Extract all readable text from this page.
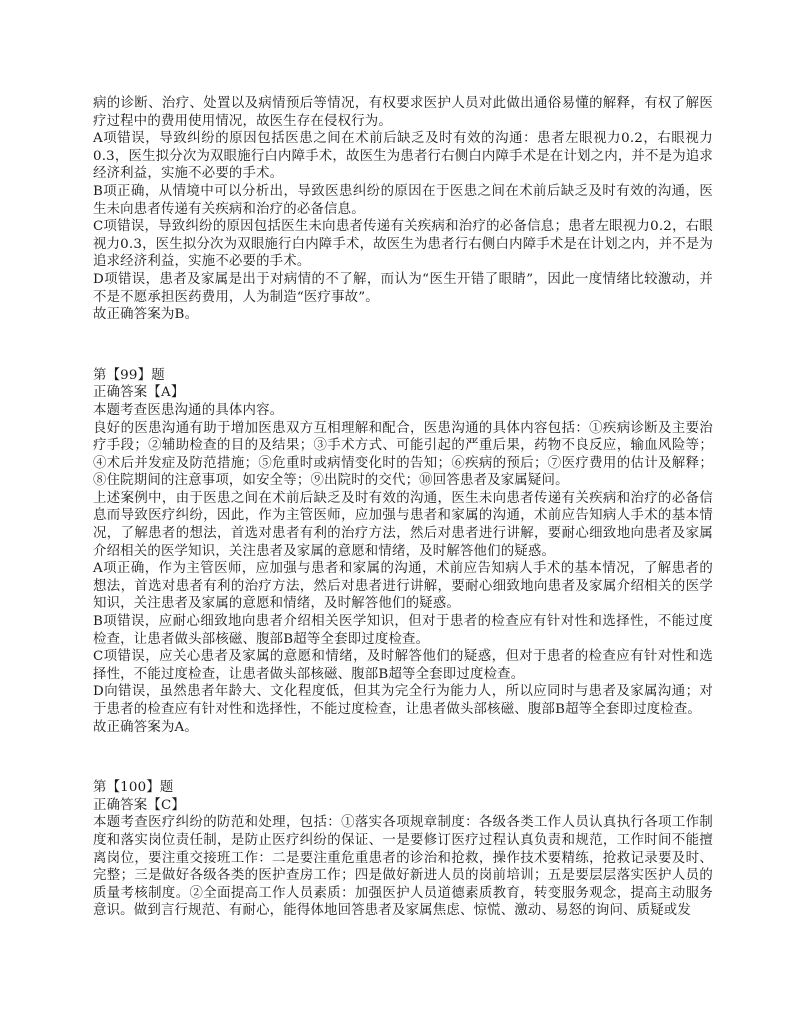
病的诊断、治疗、处置以及病情预后等情况，有权要求医护人员对此做出通俗易懂的解释，有权了解医疗过程中的费用使用情况，故医生存在侵权行为。

A项错误，导致纠纷的原因包括医患之间在术前后缺乏及时有效的沟通：患者左眼视力0.2，右眼视力0.3，医生拟分次为双眼施行白内障手术，故医生为患者行右侧白内障手术是在计划之内，并不是为追求经济利益，实施不必要的手术。

B项正确，从情境中可以分析出，导致医患纠纷的原因在于医患之间在术前后缺乏及时有效的沟通，医生未向患者传递有关疾病和治疗的必备信息。

C项错误，导致纠纷的原因包括医生未向患者传递有关疾病和治疗的必备信息；患者左眼视力0.2，右眼视力0.3，医生拟分次为双眼施行白内障手术，故医生为患者行右侧白内障手术是在计划之内，并不是为追求经济利益，实施不必要的手术。

D项错误，患者及家属是出于对病情的不了解，而认为“医生开错了眼睛”，因此一度情绪比较激动，并不是不愿承担医药费用，人为制造“医疗事故”。

故正确答案为B。

第【99】题

正确答案【A】

本题考查医患沟通的具体内容。

良好的医患沟通有助于增加医患双方互相理解和配合，医患沟通的具体内容包括：①疾病诊断及主要治疗手段；②辅助检查的目的及结果；③手术方式、可能引起的严重后果，药物不良反应，输血风险等；④术后并发症及防范措施；⑤危重时或病情变化时的告知；⑥疾病的预后；⑦医疗费用的估计及解释；⑧住院期间的注意事项，如安全等；⑨出院时的交代；⑩回答患者及家属疑问。

上述案例中，由于医患之间在术前后缺乏及时有效的沟通，医生未向患者传递有关疾病和治疗的必备信息而导致医疗纠纷，因此，作为主管医师，应加强与患者和家属的沟通，术前应告知病人手术的基本情况，了解患者的想法，首选对患者有利的治疗方法，然后对患者进行讲解，要耐心细致地向患者及家属介绍相关的医学知识，关注患者及家属的意愿和情绪，及时解答他们的疑惑。

A项正确，作为主管医师，应加强与患者和家属的沟通，术前应告知病人手术的基本情况，了解患者的想法，首选对患者有利的治疗方法，然后对患者进行讲解，要耐心细致地向患者及家属介绍相关的医学知识，关注患者及家属的意愿和情绪，及时解答他们的疑惑。

B项错误，应耐心细致地向患者介绍相关医学知识，但对于患者的检查应有针对性和选择性，不能过度检查，让患者做头部核磁、腹部B超等全套即过度检查。

C项错误，应关心患者及家属的意愿和情绪，及时解答他们的疑惑，但对于患者的检查应有针对性和选择性，不能过度检查，让患者做头部核磁、腹部B超等全套即过度检查。

D向错误，虽然患者年龄大、文化程度低，但其为完全行为能力人，所以应同时与患者及家属沟通；对于患者的检查应有针对性和选择性，不能过度检查，让患者做头部核磁、腹部B超等全套即过度检查。

故正确答案为A。

第【100】题

正确答案【C】

本题考查医疗纠纷的防范和处理，包括：①落实各项规章制度：各级各类工作人员认真执行各项工作制度和落实岗位责任制，是防止医疗纠纷的保证、一是要修订医疗过程认真负责和规范，工作时间不能擅离岗位，要注重交接班工作：二是要注重危重患者的诊治和抢救，操作技术要精练，抢救记录要及时、完整；三是做好各级各类的医护查房工作；四是做好新进人员的岗前培训；五是要层层落实医护人员的质量考核制度。②全面提高工作人员素质：加强医护人员道德素质教育，转变服务观念，提高主动服务意识。做到言行规范、有耐心，能得体地回答患者及家属焦虑、惊慌、激动、易怒的询问、质疑或发
